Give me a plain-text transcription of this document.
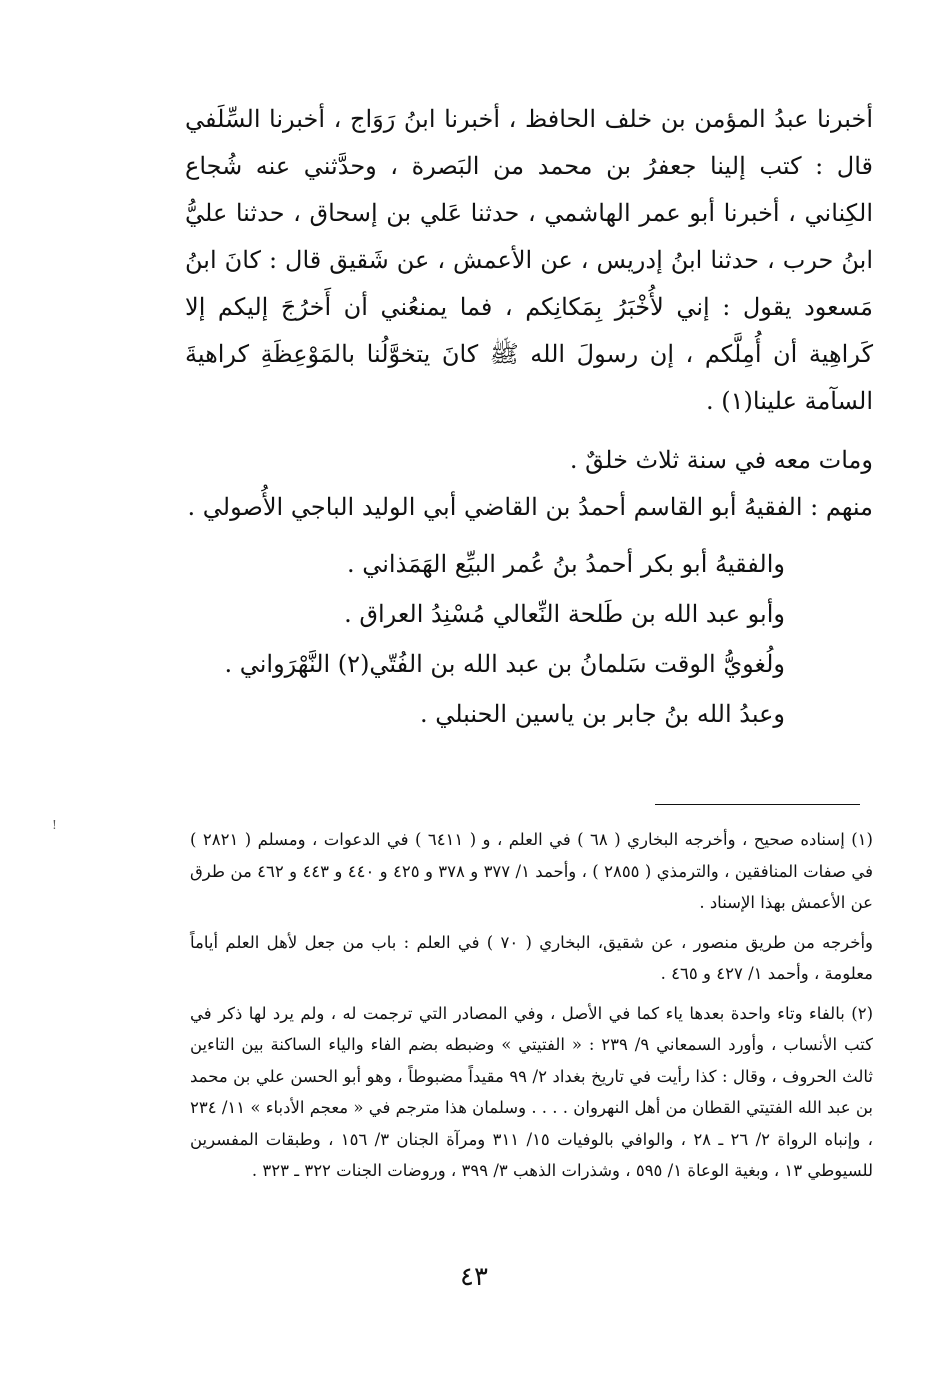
أخبرنا عبدُ المؤمن بن خلف الحافظ ، أخبرنا ابنُ رَوَاج ، أخبرنا السِّلَفي قال : كتب إلينا جعفرُ بن محمد من البَصرة ، وحدَّثني عنه شُجاع الكِناني ، أخبرنا أبو عمر الهاشمي ، حدثنا عَلي بن إسحاق ، حدثنا عليُّ ابنُ حرب ، حدثنا ابنُ إدريس ، عن الأعمش ، عن شَقيق قال : كانَ ابنُ مَسعود يقول : إني لأُخْبَرُ بِمَكانِكم ، فما يمنعُني أن أَخرُجَ إليكم إلا كَراهِية أن أُمِلَّكم ، إن رسولَ الله ﷺ كانَ يتخوَّلُنا بالمَوْعِظَةِ كراهيةَ السآمة علينا(١) .

ومات معه في سنة ثلاث خلقٌ .

منهم : الفقيهُ أبو القاسم أحمدُ بن القاضي أبي الوليد الباجي الأُصولي .

والفقيهُ أبو بكر أحمدُ بنُ عُمر البيِّع الهَمَذاني .

وأبو عبد الله بن طَلحة النِّعالي مُسْنِدُ العراق .

ولُغويُّ الوقت سَلمانُ بن عبد الله بن الفُتّي(٢) النَّهْرَواني .

وعبدُ الله بنُ جابر بن ياسين الحنبلي .

!

(١) إسناده صحيح ، وأخرجه البخاري ( ٦٨ ) في العلم ، و ( ٦٤١١ ) في الدعوات ، ومسلم ( ٢٨٢١ ) في صفات المنافقين ، والترمذي ( ٢٨٥٥ ) ، وأحمد ١/ ٣٧٧ و ٣٧٨ و ٤٢٥ و ٤٤٠ و ٤٤٣ و ٤٦٢ من طرق عن الأعمش بهذا الإسناد .

وأخرجه من طريق منصور ، عن شقيق، البخاري ( ٧٠ ) في العلم : باب من جعل لأهل العلم أياماً معلومة ، وأحمد ١/ ٤٢٧ و ٤٦٥ .

(٢) بالفاء وتاء واحدة بعدها ياء كما في الأصل ، وفي المصادر التي ترجمت له ، ولم يرد لها ذكر في كتب الأنساب ، وأورد السمعاني ٩/ ٢٣٩ : « الفتيتي » وضبطه بضم الفاء والياء الساكنة بين التاءين ثالث الحروف ، وقال : كذا رأيت في تاريخ بغداد ٢/ ٩٩ مقيداً مضبوطاً ، وهو أبو الحسن علي بن محمد بن عبد الله الفتيتي القطان من أهل النهروان . . . . وسلمان هذا مترجم في « معجم الأدباء » ١١/ ٢٣٤ ، وإنباه الرواة ٢/ ٢٦ ـ ٢٨ ، والوافي بالوفيات ١٥/ ٣١١ ومرآة الجنان ٣/ ١٥٦ ، وطبقات المفسرين للسيوطي ١٣ ، وبغية الوعاة ١/ ٥٩٥ ، وشذرات الذهب ٣/ ٣٩٩ ، وروضات الجنات ٣٢٢ ـ ٣٢٣ .

٤٣
